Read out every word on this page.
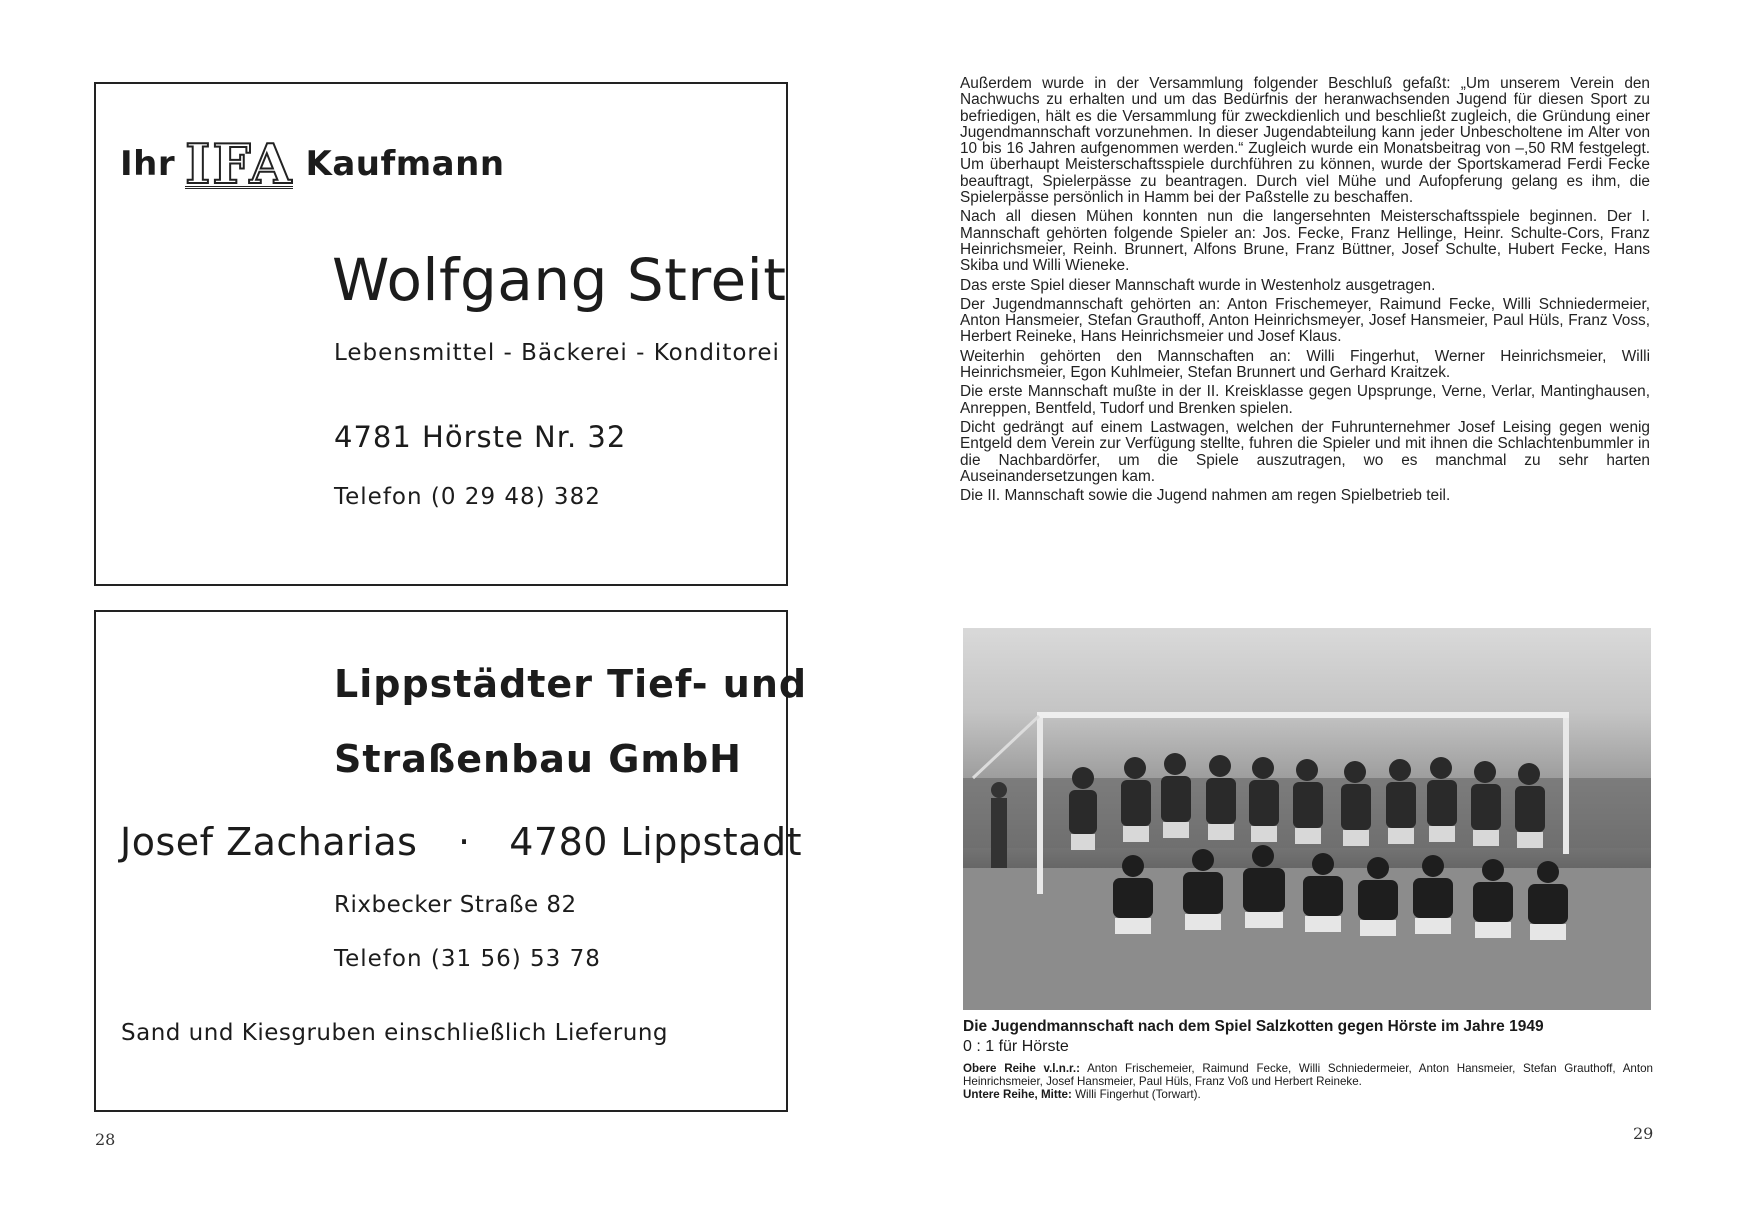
Ihr IFA Kaufmann
Wolfgang Streit
Lebensmittel - Bäckerei - Konditorei
4781 Hörste Nr. 32
Telefon (0 29 48) 382
Lippstädter Tief- und
Straßenbau GmbH
Josef Zacharias · 4780 Lippstadt
Rixbecker Straße 82
Telefon (31 56) 53 78
Sand und Kiesgruben einschließlich Lieferung
28

Außerdem wurde in der Versammlung folgender Beschluß gefaßt: „Um unserem Verein den Nachwuchs zu erhalten und um das Bedürfnis der heranwachsenden Jugend für diesen Sport zu befriedigen, hält es die Versammlung für zweckdienlich und beschließt zugleich, die Gründung einer Jugendmannschaft vorzunehmen. In dieser Jugendabteilung kann jeder Unbescholtene im Alter von 10 bis 16 Jahren aufgenommen werden.“ Zugleich wurde ein Monatsbeitrag von –,50 RM festgelegt. Um überhaupt Meisterschaftsspiele durchführen zu können, wurde der Sportskamerad Ferdi Fecke beauftragt, Spielerpässe zu beantragen. Durch viel Mühe und Aufopferung gelang es ihm, die Spielerpässe persönlich in Hamm bei der Paßstelle zu beschaffen.

Nach all diesen Mühen konnten nun die langersehnten Meisterschaftsspiele beginnen. Der I. Mannschaft gehörten folgende Spieler an: Jos. Fecke, Franz Hellinge, Heinr. Schulte-Cors, Franz Heinrichsmeier, Reinh. Brunnert, Alfons Brune, Franz Büttner, Josef Schulte, Hubert Fecke, Hans Skiba und Willi Wieneke.

Das erste Spiel dieser Mannschaft wurde in Westenholz ausgetragen.

Der Jugendmannschaft gehörten an: Anton Frischemeyer, Raimund Fecke, Willi Schniedermeier, Anton Hansmeier, Stefan Grauthoff, Anton Heinrichsmeyer, Josef Hansmeier, Paul Hüls, Franz Voss, Herbert Reineke, Hans Heinrichsmeier und Josef Klaus.

Weiterhin gehörten den Mannschaften an: Willi Fingerhut, Werner Heinrichsmeier, Willi Heinrichsmeier, Egon Kuhlmeier, Stefan Brunnert und Gerhard Kraitzek.

Die erste Mannschaft mußte in der II. Kreisklasse gegen Upsprunge, Verne, Verlar, Mantinghausen, Anreppen, Bentfeld, Tudorf und Brenken spielen.

Dicht gedrängt auf einem Lastwagen, welchen der Fuhrunternehmer Josef Leising gegen wenig Entgeld dem Verein zur Verfügung stellte, fuhren die Spieler und mit ihnen die Schlachtenbummler in die Nachbardörfer, um die Spiele auszutragen, wo es manchmal zu sehr harten Auseinandersetzungen kam.

Die II. Mannschaft sowie die Jugend nahmen am regen Spielbetrieb teil.

Die Jugendmannschaft nach dem Spiel Salzkotten gegen Hörste im Jahre 1949
0 : 1 für Hörste
Obere Reihe v.l.n.r.: Anton Frischemeier, Raimund Fecke, Willi Schniedermeier, Anton Hansmeier, Stefan Grauthoff, Anton Heinrichsmeier, Josef Hansmeier, Paul Hüls, Franz Voß und Herbert Reineke.
Untere Reihe, Mitte: Willi Fingerhut (Torwart).
29
